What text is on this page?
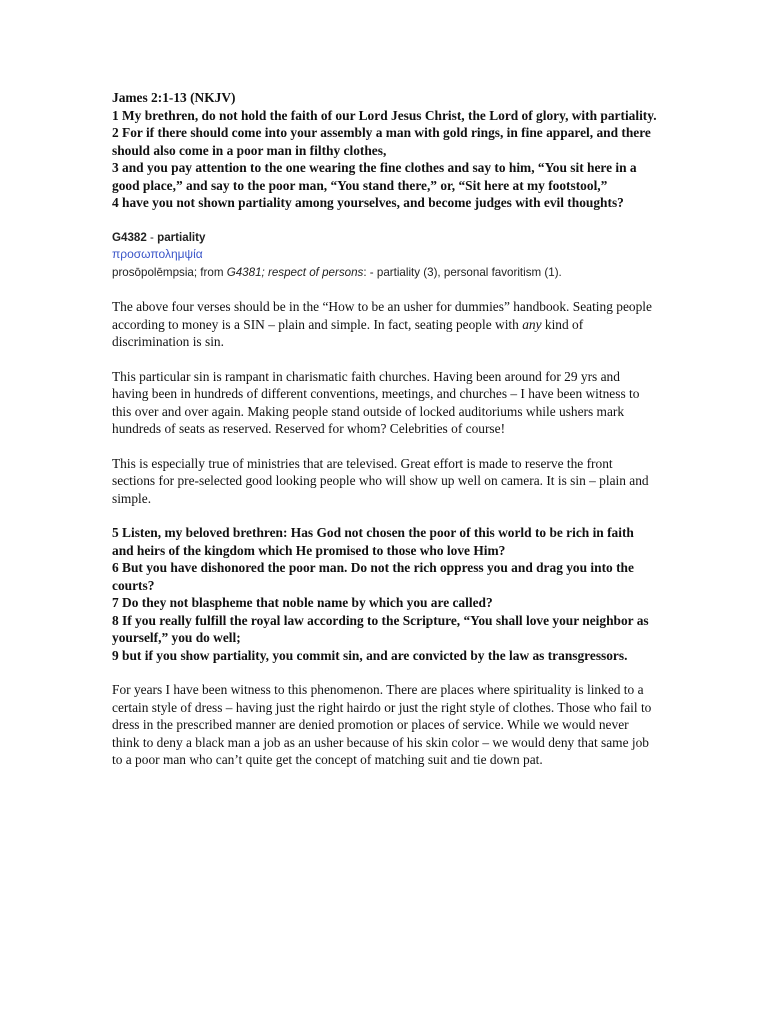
James 2:1-13 (NKJV)

1 My brethren, do not hold the faith of our Lord Jesus Christ, the Lord of glory, with partiality.

2 For if there should come into your assembly a man with gold rings, in fine apparel, and there should also come in a poor man in filthy clothes,

3 and you pay attention to the one wearing the fine clothes and say to him, “You sit here in a good place,” and say to the poor man, “You stand there,” or, “Sit here at my footstool,”

4 have you not shown partiality among yourselves, and become judges with evil thoughts?

G4382 - partiality
προσωπολημψία
prosōpolēmpsia; from G4381; respect of persons: - partiality (3), personal favoritism (1).

The above four verses should be in the “How to be an usher for dummies” handbook. Seating people according to money is a SIN – plain and simple. In fact, seating people with any kind of discrimination is sin.

This particular sin is rampant in charismatic faith churches. Having been around for 29 yrs and having been in hundreds of different conventions, meetings, and churches – I have been witness to this over and over again. Making people stand outside of locked auditoriums while ushers mark hundreds of seats as reserved. Reserved for whom? Celebrities of course!

This is especially true of ministries that are televised. Great effort is made to reserve the front sections for pre-selected good looking people who will show up well on camera. It is sin – plain and simple.

5 Listen, my beloved brethren: Has God not chosen the poor of this world to be rich in faith and heirs of the kingdom which He promised to those who love Him?

6 But you have dishonored the poor man. Do not the rich oppress you and drag you into the courts?

7 Do they not blaspheme that noble name by which you are called?

8 If you really fulfill the royal law according to the Scripture, “You shall love your neighbor as yourself,” you do well;

9 but if you show partiality, you commit sin, and are convicted by the law as transgressors.

For years I have been witness to this phenomenon. There are places where spirituality is linked to a certain style of dress – having just the right hairdo or just the right style of clothes. Those who fail to dress in the prescribed manner are denied promotion or places of service. While we would never think to deny a black man a job as an usher because of his skin color – we would deny that same job to a poor man who can’t quite get the concept of matching suit and tie down pat.
